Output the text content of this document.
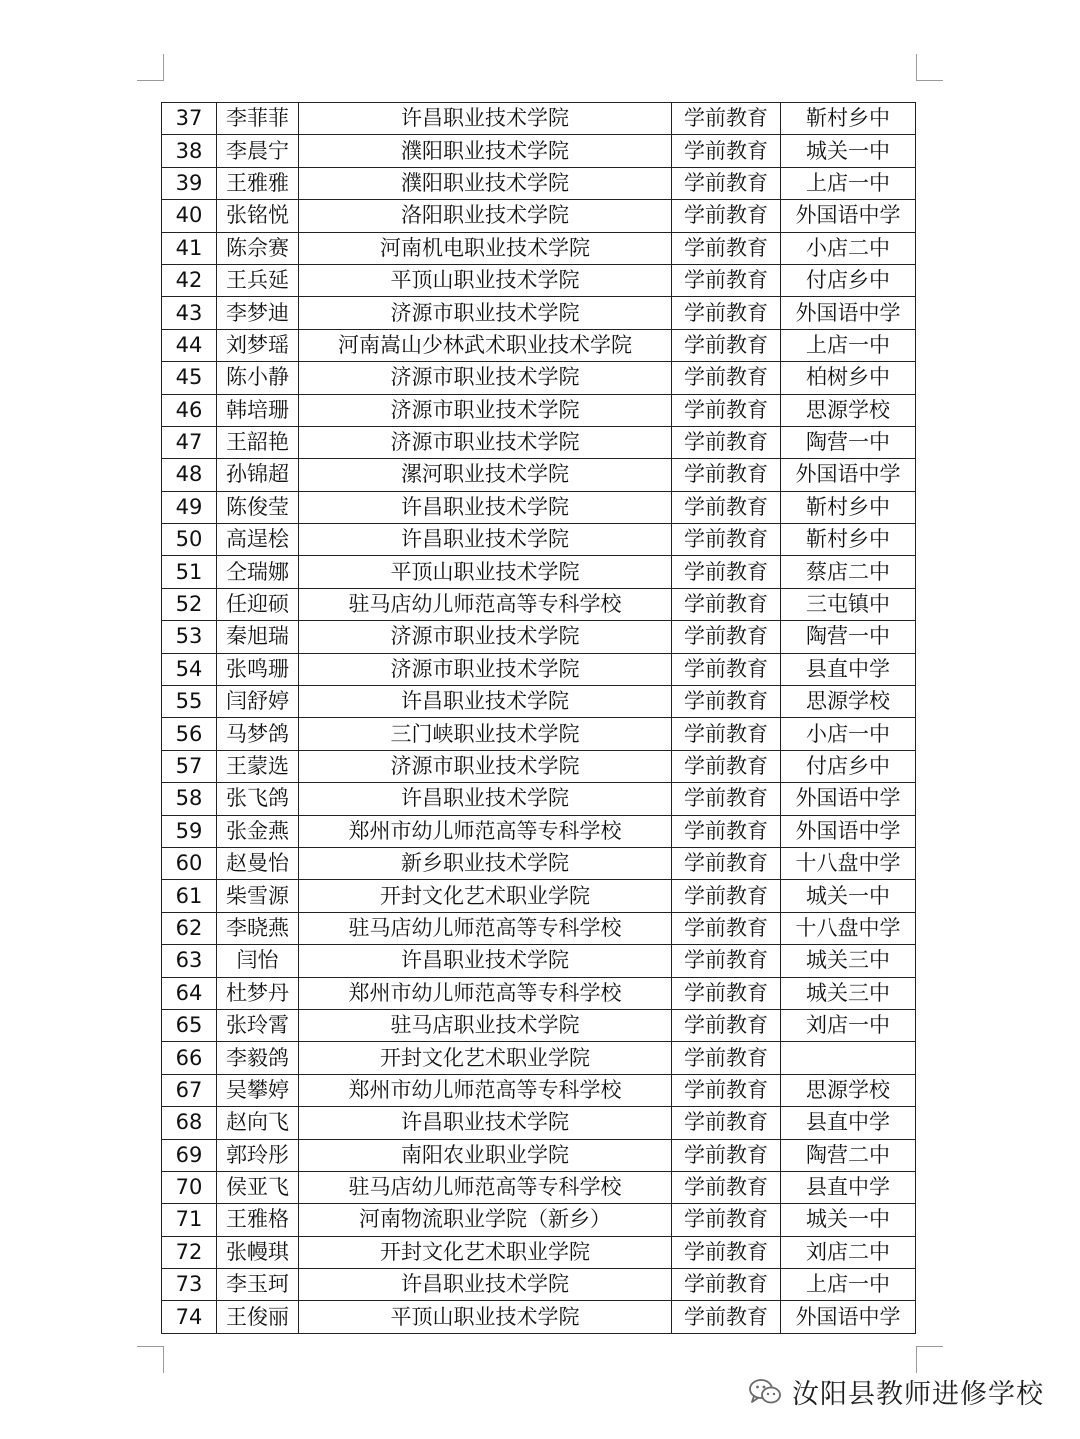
37	李菲菲	许昌职业技术学院	学前教育	靳村乡中
38	李晨宁	濮阳职业技术学院	学前教育	城关一中
39	王雅雅	濮阳职业技术学院	学前教育	上店一中
40	张铭悦	洛阳职业技术学院	学前教育	外国语中学
41	陈佘赛	河南机电职业技术学院	学前教育	小店二中
42	王兵延	平顶山职业技术学院	学前教育	付店乡中
43	李梦迪	济源市职业技术学院	学前教育	外国语中学
44	刘梦瑶	河南嵩山少林武术职业技术学院	学前教育	上店一中
45	陈小静	济源市职业技术学院	学前教育	柏树乡中
46	韩培珊	济源市职业技术学院	学前教育	思源学校
47	王韶艳	济源市职业技术学院	学前教育	陶营一中
48	孙锦超	漯河职业技术学院	学前教育	外国语中学
49	陈俊莹	许昌职业技术学院	学前教育	靳村乡中
50	高逞桧	许昌职业技术学院	学前教育	靳村乡中
51	仝瑞娜	平顶山职业技术学院	学前教育	蔡店二中
52	任迎硕	驻马店幼儿师范高等专科学校	学前教育	三屯镇中
53	秦旭瑞	济源市职业技术学院	学前教育	陶营一中
54	张鸣珊	济源市职业技术学院	学前教育	县直中学
55	闫舒婷	许昌职业技术学院	学前教育	思源学校
56	马梦鸽	三门峡职业技术学院	学前教育	小店一中
57	王蒙选	济源市职业技术学院	学前教育	付店乡中
58	张飞鸽	许昌职业技术学院	学前教育	外国语中学
59	张金燕	郑州市幼儿师范高等专科学校	学前教育	外国语中学
60	赵曼怡	新乡职业技术学院	学前教育	十八盘中学
61	柴雪源	开封文化艺术职业学院	学前教育	城关一中
62	李晓燕	驻马店幼儿师范高等专科学校	学前教育	十八盘中学
63	闫怡	许昌职业技术学院	学前教育	城关三中
64	杜梦丹	郑州市幼儿师范高等专科学校	学前教育	城关三中
65	张玲霄	驻马店职业技术学院	学前教育	刘店一中
66	李毅鸽	开封文化艺术职业学院	学前教育	
67	吴攀婷	郑州市幼儿师范高等专科学校	学前教育	思源学校
68	赵向飞	许昌职业技术学院	学前教育	县直中学
69	郭玲彤	南阳农业职业学院	学前教育	陶营二中
70	侯亚飞	驻马店幼儿师范高等专科学校	学前教育	县直中学
71	王雅格	河南物流职业学院（新乡）	学前教育	城关一中
72	张幔琪	开封文化艺术职业学院	学前教育	刘店二中
73	李玉珂	许昌职业技术学院	学前教育	上店一中
74	王俊丽	平顶山职业技术学院	学前教育	外国语中学
汝阳县教师进修学校
